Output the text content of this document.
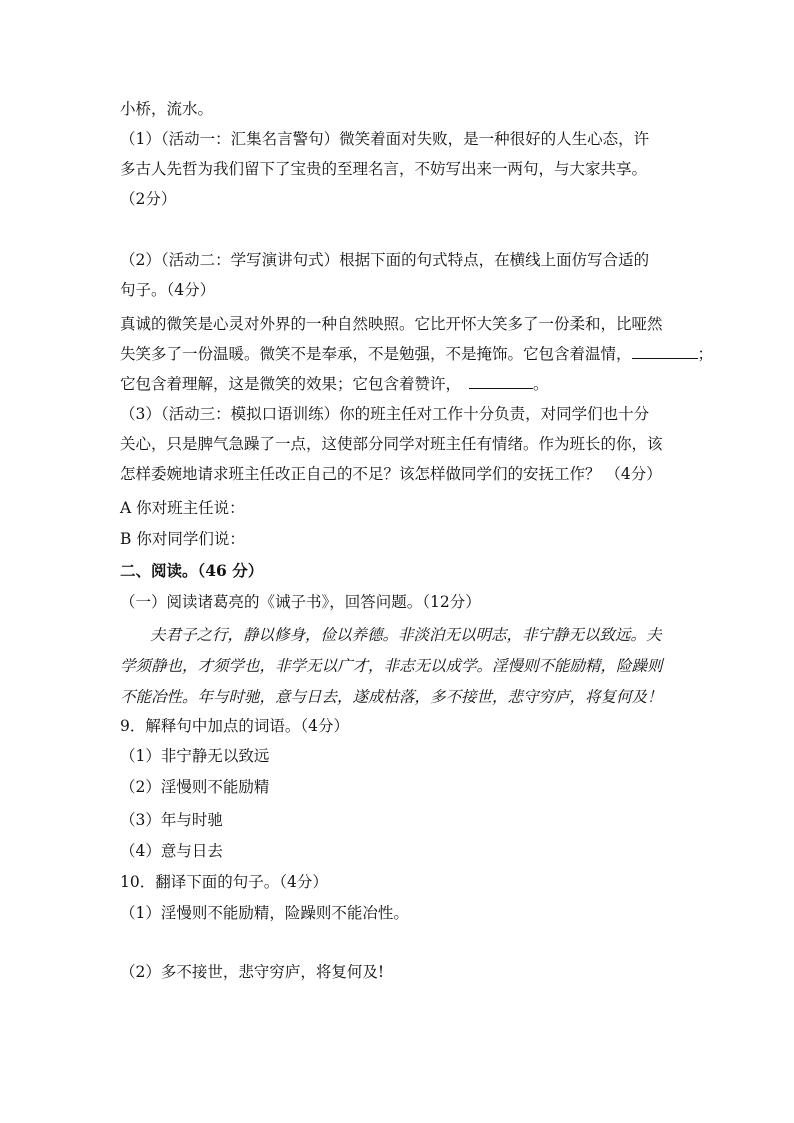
小桥，流水。
（1）（活动一：汇集名言警句）微笑着面对失败，是一种很好的人生心态，许
多古人先哲为我们留下了宝贵的至理名言，不妨写出来一两句，与大家共享。
（2分）
（2）（活动二：学写演讲句式）根据下面的句式特点，在横线上面仿写合适的
句子。（4分）
真诚的微笑是心灵对外界的一种自然映照。它比开怀大笑多了一份柔和，比哑然
失笑多了一份温暖。微笑不是奉承，不是勉强，不是掩饰。它包含着温情，	；
它包含着理解，这是微笑的效果；它包含着赞许，	。
（3）（活动三：模拟口语训练）你的班主任对工作十分负责，对同学们也十分
关心，只是脾气急躁了一点，这使部分同学对班主任有情绪。作为班长的你，该
怎样委婉地请求班主任改正自己的不足？该怎样做同学们的安抚工作？ （4分）
A 你对班主任说：
B 你对同学们说：
二、阅读。（46 分）
（一）阅读诸葛亮的《诫子书》，回答问题。（12分）
夫君子之行，静以修身，俭以养德。非淡泊无以明志，非宁静无以致远。夫
学须静也，才须学也，非学无以广才，非志无以成学。淫慢则不能励精，险躁则
不能冶性。年与时驰，意与日去，遂成枯落，多不接世，悲守穷庐，将复何及！
9．解释句中加点的词语。（4分）
（1）非宁静无以致远
（2）淫慢则不能励精
（3）年与时驰
（4）意与日去
10．翻译下面的句子。（4分）
（1）淫慢则不能励精，险躁则不能冶性。
（2）多不接世，悲守穷庐，将复何及!
